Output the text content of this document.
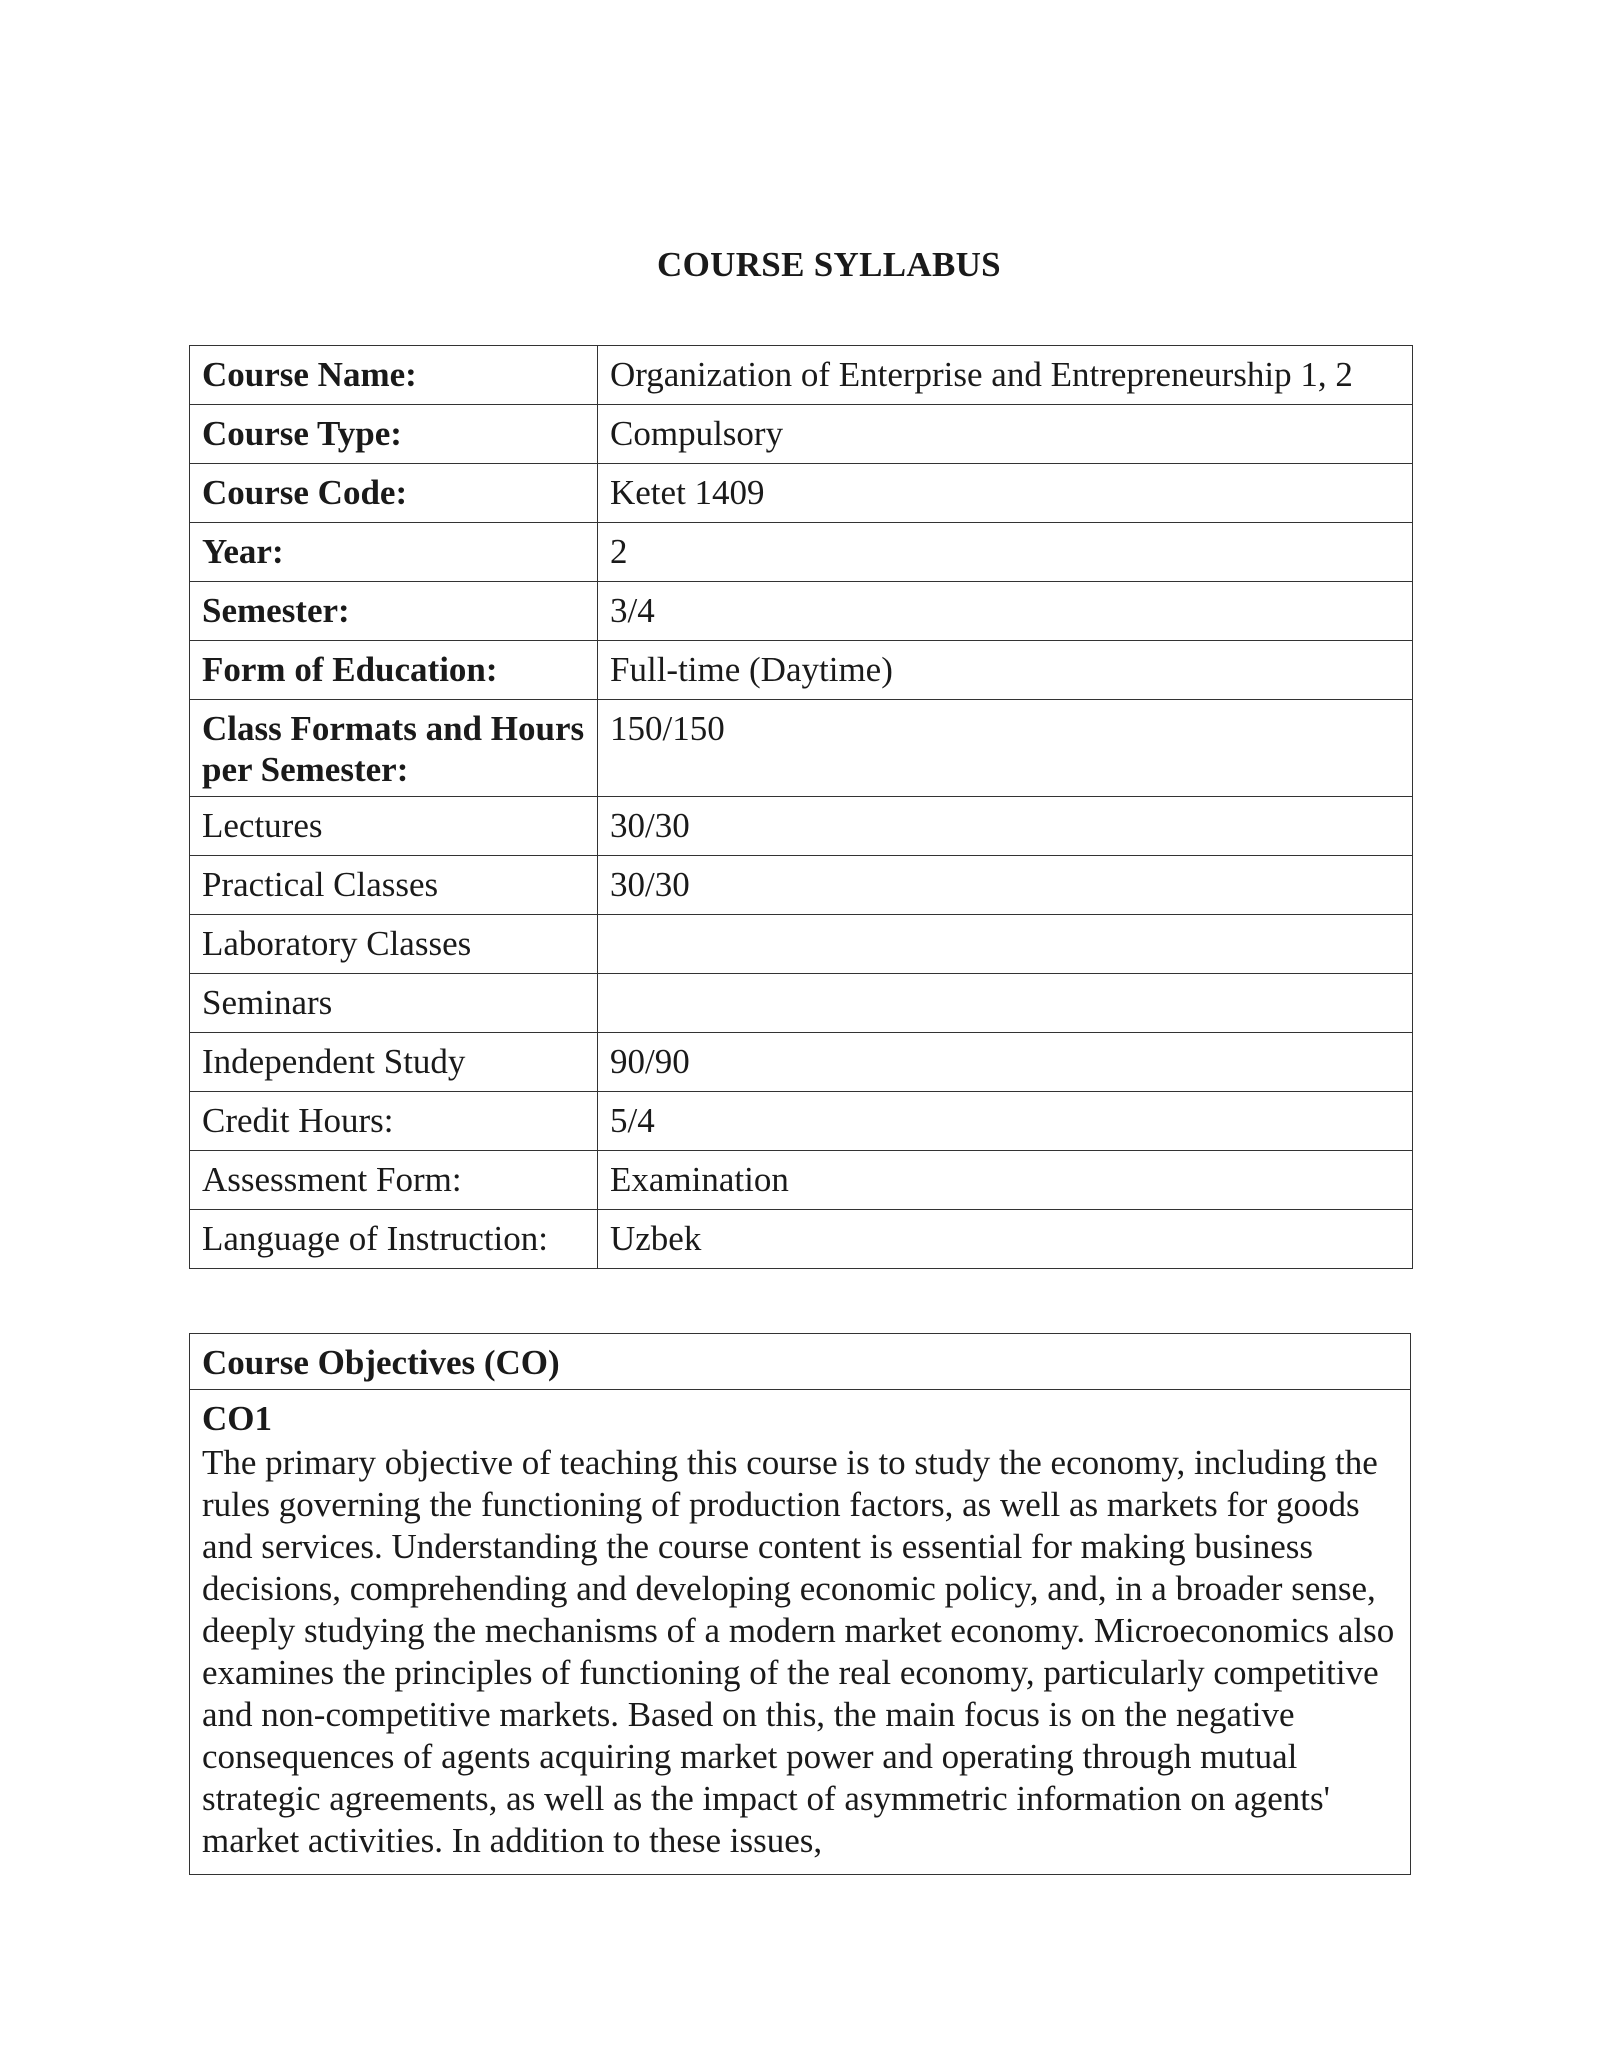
COURSE SYLLABUS
Course Name:	Organization of Enterprise and Entrepreneurship 1, 2
Course Type:	Compulsory
Course Code:	Ketet 1409
Year:	2
Semester:	3/4
Form of Education:	Full-time (Daytime)
Class Formats and Hours per Semester:	150/150
Lectures	30/30
Practical Classes	30/30
Laboratory Classes	
Seminars	
Independent Study	90/90
Credit Hours:	5/4
Assessment Form:	Examination
Language of Instruction:	Uzbek
Course Objectives (CO)
CO1

The primary objective of teaching this course is to study the economy, including the rules governing the functioning of production factors, as well as markets for goods and services. Understanding the course content is essential for making business decisions, comprehending and developing economic policy, and, in a broader sense, deeply studying the mechanisms of a modern market economy. Microeconomics also examines the principles of functioning of the real economy, particularly competitive and non-competitive markets. Based on this, the main focus is on the negative consequences of agents acquiring market power and operating through mutual strategic agreements, as well as the impact of asymmetric information on agents' market activities. In addition to these issues,
